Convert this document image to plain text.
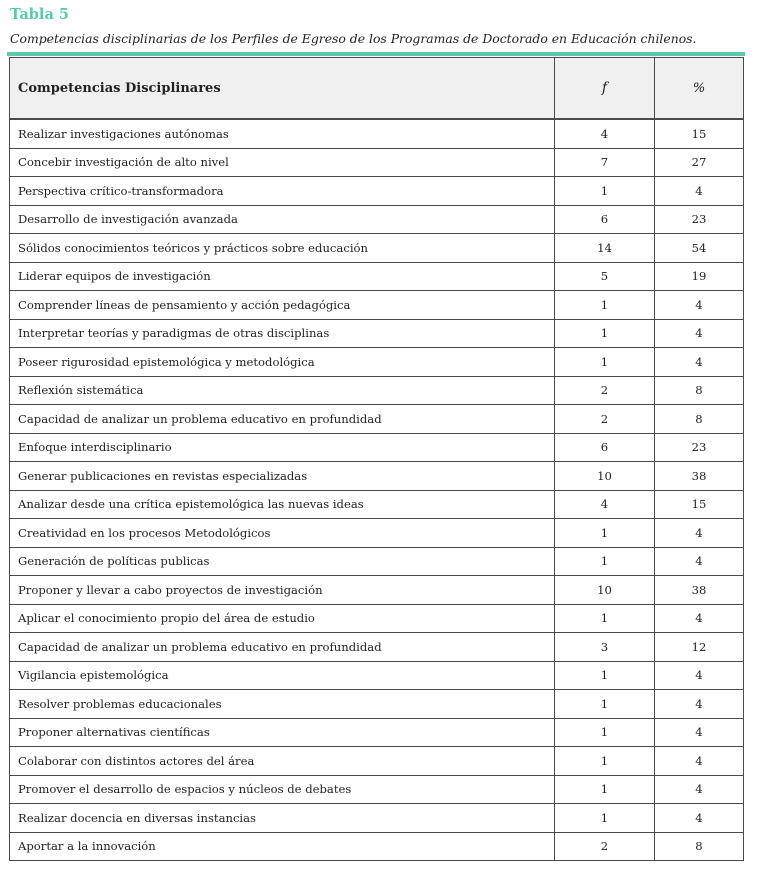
Tabla 5
Competencias disciplinarias de los Perfiles de Egreso de los Programas de Doctorado en Educación chilenos.
Competencias Disciplinares	f	%
Realizar investigaciones autónomas	4	15
Concebir investigación de alto nivel	7	27
Perspectiva crítico-transformadora	1	4
Desarrollo de investigación avanzada	6	23
Sólidos conocimientos teóricos y prácticos sobre educación	14	54
Liderar equipos de investigación	5	19
Comprender líneas de pensamiento y acción pedagógica	1	4
Interpretar teorías y paradigmas de otras disciplinas	1	4
Poseer rigurosidad epistemológica y metodológica	1	4
Reflexión sistemática	2	8
Capacidad de analizar un problema educativo en profundidad	2	8
Enfoque interdisciplinario	6	23
Generar publicaciones en revistas especializadas	10	38
Analizar desde una crítica epistemológica las nuevas ideas	4	15
Creatividad en los procesos Metodológicos	1	4
Generación de políticas publicas	1	4
Proponer y llevar a cabo proyectos de investigación	10	38
Aplicar el conocimiento propio del área de estudio	1	4
Capacidad de analizar un problema educativo en profundidad	3	12
Vigilancia epistemológica	1	4
Resolver problemas educacionales	1	4
Proponer alternativas científicas	1	4
Colaborar con distintos actores del área	1	4
Promover el desarrollo de espacios y núcleos de debates	1	4
Realizar docencia en diversas instancias	1	4
Aportar a la innovación	2	8
